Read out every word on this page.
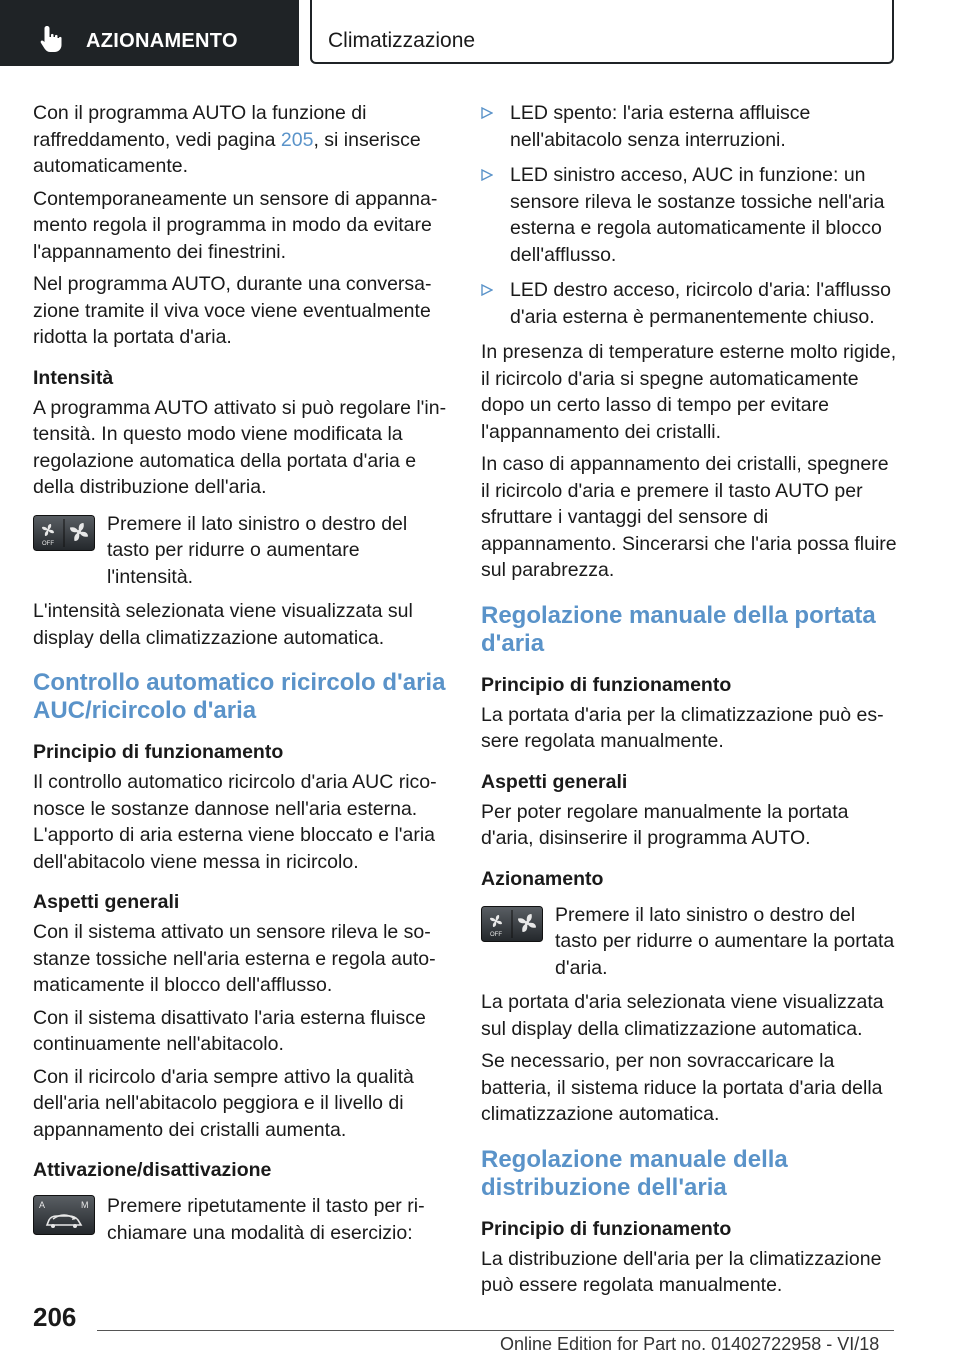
AZIONAMENTO	Climatizzazione

Con il programma AUTO la funzione di raffreddamento, vedi pagina 205, si inserisce automaticamente.

Contemporaneamente un sensore di appannamento regola il programma in modo da evitare l'appannamento dei finestrini.

Nel programma AUTO, durante una conversazione tramite il viva voce viene eventualmente ridotta la portata d'aria.

Intensità

A programma AUTO attivato si può regolare l'intensità. In questo modo viene modificata la regolazione automatica della portata d'aria e della distribuzione dell'aria.

OFF

Premere il lato sinistro o destro del tasto per ridurre o aumentare l'intensità.

L'intensità selezionata viene visualizzata sul display della climatizzazione automatica.

Controllo automatico ricircolo d'aria AUC/ricircolo d'aria
Principio di funzionamento

Il controllo automatico ricircolo d'aria AUC riconosce le sostanze dannose nell'aria esterna. L'apporto di aria esterna viene bloccato e l'aria dell'abitacolo viene messa in ricircolo.

Aspetti generali

Con il sistema attivato un sensore rileva le sostanze tossiche nell'aria esterna e regola automaticamente il blocco dell'afflusso.

Con il sistema disattivato l'aria esterna fluisce continuamente nell'abitacolo.

Con il ricircolo d'aria sempre attivo la qualità dell'aria nell'abitacolo peggiora e il livello di appannamento dei cristalli aumenta.

Attivazione/disattivazione
A	M Premere ripetutamente il tasto per richiamare una modalità di esercizio:

LED spento: l'aria esterna affluisce nell'abitacolo senza interruzioni.
LED sinistro acceso, AUC in funzione: un sensore rileva le sostanze tossiche nell'aria esterna e regola automaticamente il blocco dell'afflusso.
LED destro acceso, ricircolo d'aria: l'afflusso d'aria esterna è permanentemente chiuso.

In presenza di temperature esterne molto rigide, il ricircolo d'aria si spegne automaticamente dopo un certo lasso di tempo per evitare l'appannamento dei cristalli.

In caso di appannamento dei cristalli, spegnere il ricircolo d'aria e premere il tasto AUTO per sfruttare i vantaggi del sensore di appannamento. Sincerarsi che l'aria possa fluire sul parabrezza.

Regolazione manuale della portata d'aria
Principio di funzionamento

La portata d'aria per la climatizzazione può essere regolata manualmente.

Aspetti generali

Per poter regolare manualmente la portata d'aria, disinserire il programma AUTO.

Azionamento
OFF

Premere il lato sinistro o destro del tasto per ridurre o aumentare la portata d'aria.

La portata d'aria selezionata viene visualizzata sul display della climatizzazione automatica.

Se necessario, per non sovraccaricare la batteria, il sistema riduce la portata d'aria della climatizzazione automatica.

Regolazione manuale della distribuzione dell'aria
Principio di funzionamento

La distribuzione dell'aria per la climatizzazione può essere regolata manualmente.

206
Online Edition for Part no. 01402722958 - VI/18
